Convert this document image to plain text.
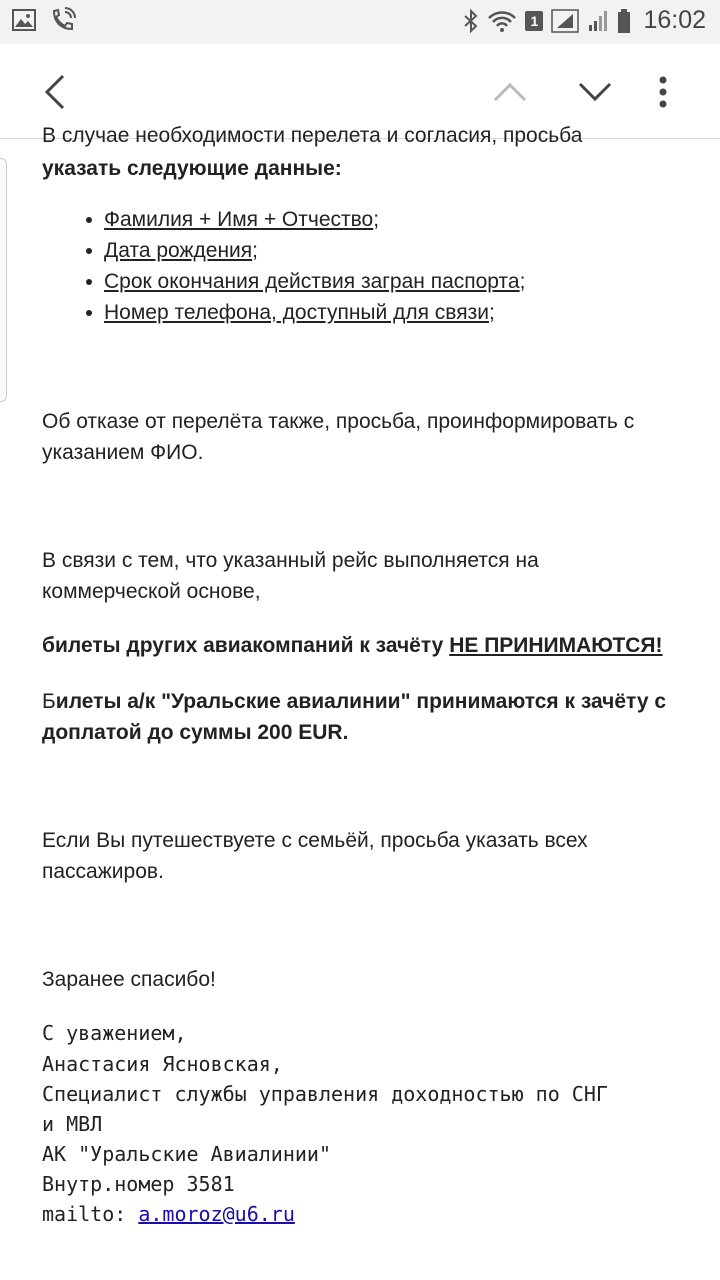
1	16:02
В случае необходимости перелета и согласия, просьба

указать следующие данные:

Фамилия + Имя + Отчество;
Дата рождения;
Срок окончания действия загран паспорта;
Номер телефона, доступный для связи;

Об отказе от перелёта также, просьба, проинформировать с указанием ФИО.

В связи с тем, что указанный рейс выполняется на коммерческой основе,

билеты других авиакомпаний к зачёту НЕ ПРИНИМАЮТСЯ!

Билеты а/к "Уральские авиалинии" принимаются к зачёту с доплатой до суммы 200 EUR.

Если Вы путешествуете с семьёй, просьба указать всех пассажиров.

Заранее спасибо!

С уважением,
Анастасия Ясновская,
Специалист службы управления доходностью по СНГ
и МВЛ
АК "Уральские Авиалинии"
Внутр.номер 3581
mailto: a.moroz@u6.ru
